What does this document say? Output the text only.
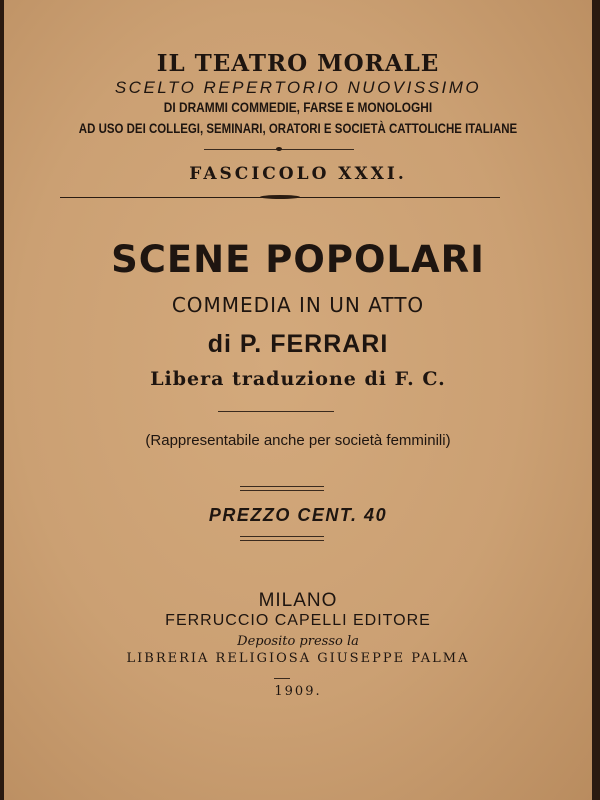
IL TEATRO MORALE
SCELTO REPERTORIO NUOVISSIMO
DI DRAMMI COMMEDIE, FARSE E MONOLOGHI
AD USO DEI COLLEGI, SEMINARI, ORATORI E SOCIETÀ CATTOLICHE ITALIANE
FASCICOLO XXXI.
SCENE POPOLARI
COMMEDIA IN UN ATTO
di P. FERRARI
Libera traduzione di F. C.
(Rappresentabile anche per società femminili)
PREZZO CENT. 40
MILANO
FERRUCCIO CAPELLI EDITORE
Deposito presso la
LIBRERIA RELIGIOSA GIUSEPPE PALMA
1909.
